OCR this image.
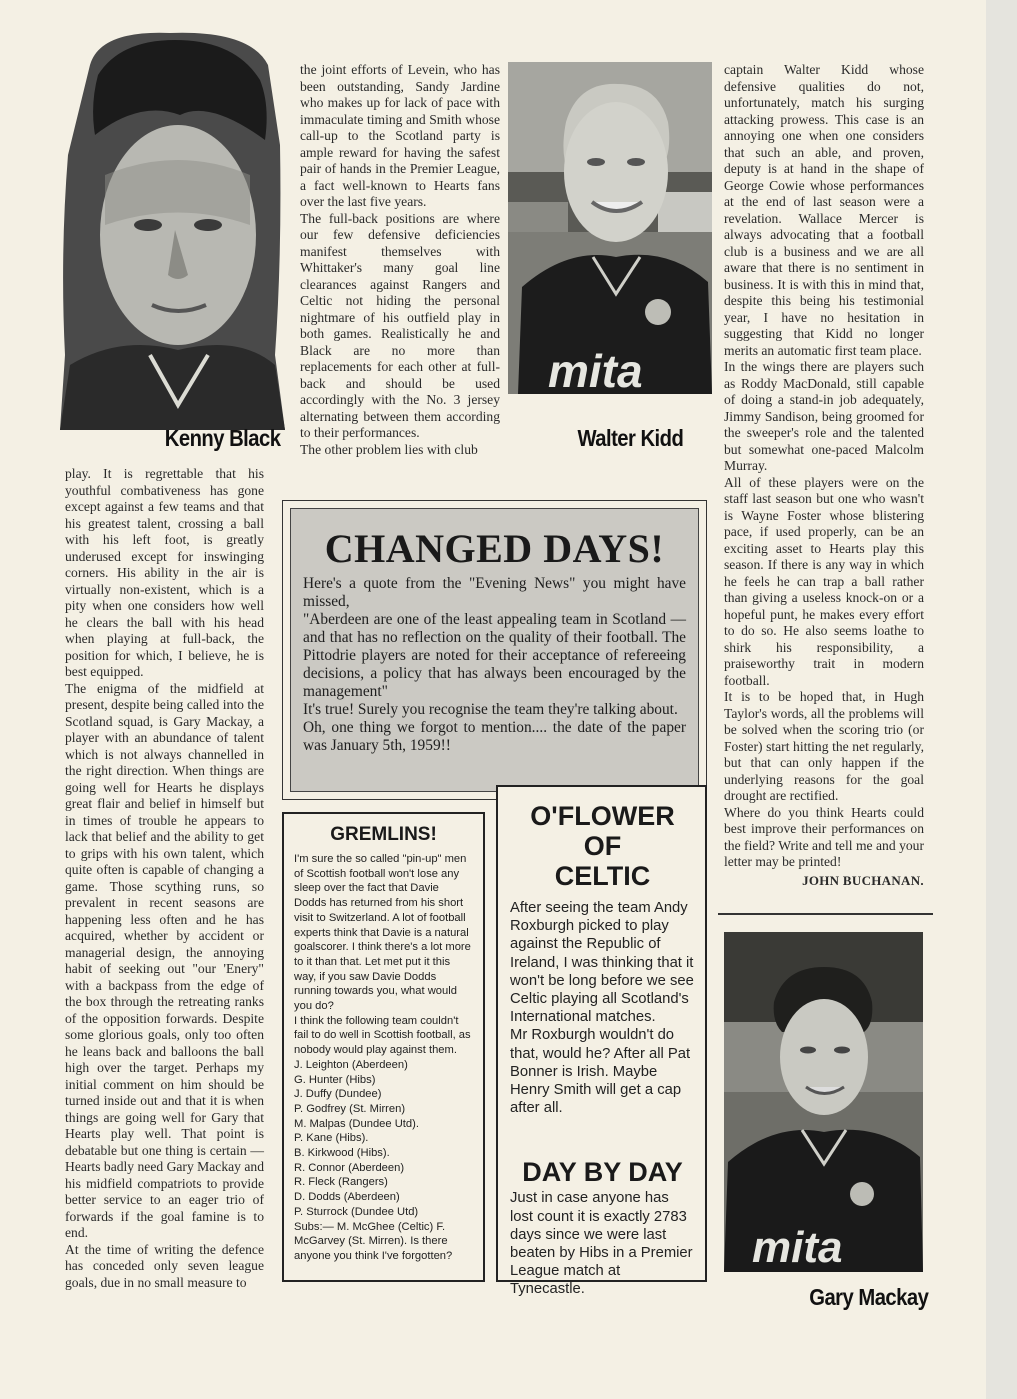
Kenny Black

the joint efforts of Levein, who has been outstanding, Sandy Jardine who makes up for lack of pace with immaculate timing and Smith whose call-up to the Scotland party is ample reward for having the safest pair of hands in the Premier League, a fact well-known to Hearts fans over the last five years.

The full-back positions are where our few defensive deficiencies manifest themselves with Whittaker's many goal line clearances against Rangers and Celtic not hiding the personal nightmare of his outfield play in both games. Realistically he and Black are no more than replacements for each other at full-back and should be used accordingly with the No. 3 jersey alternating between them according to their performances.

The other problem lies with club

mita
Walter Kidd

captain Walter Kidd whose defensive qualities do not, unfortunately, match his surging attacking prowess. This case is an annoying one when one considers that such an able, and proven, deputy is at hand in the shape of George Cowie whose performances at the end of last season were a revelation. Wallace Mercer is always advocating that a football club is a business and we are all aware that there is no sentiment in business. It is with this in mind that, despite this being his testimonial year, I have no hesitation in suggesting that Kidd no longer merits an automatic first team place.

In the wings there are players such as Roddy MacDonald, still capable of doing a stand-in job adequately, Jimmy Sandison, being groomed for the sweeper's role and the talented but somewhat one-paced Malcolm Murray.

All of these players were on the staff last season but one who wasn't is Wayne Foster whose blistering pace, if used properly, can be an exciting asset to Hearts play this season. If there is any way in which he feels he can trap a ball rather than giving a useless knock-on or a hopeful punt, he makes every effort to do so. He also seems loathe to shirk his responsibility, a praiseworthy trait in modern football.

It is to be hoped that, in Hugh Taylor's words, all the problems will be solved when the scoring trio (or Foster) start hitting the net regularly, but that can only happen if the underlying reasons for the goal drought are rectified.

Where do you think Hearts could best improve their performances on the field? Write and tell me and your letter may be printed!

JOHN BUCHANAN.

play. It is regrettable that his youthful combativeness has gone except against a few teams and that his greatest talent, crossing a ball with his left foot, is greatly underused except for inswinging corners. His ability in the air is virtually non-existent, which is a pity when one considers how well he clears the ball with his head when playing at full-back, the position for which, I believe, he is best equipped.

The enigma of the midfield at present, despite being called into the Scotland squad, is Gary Mackay, a player with an abundance of talent which is not always channelled in the right direction. When things are going well for Hearts he displays great flair and belief in himself but in times of trouble he appears to lack that belief and the ability to get to grips with his own talent, which quite often is capable of changing a game. Those scything runs, so prevalent in recent seasons are happening less often and he has acquired, whether by accident or managerial design, the annoying habit of seeking out "our 'Enery" with a backpass from the edge of the box through the retreating ranks of the opposition forwards. Despite some glorious goals, only too often he leans back and balloons the ball high over the target. Perhaps my initial comment on him should be turned inside out and that it is when things are going well for Gary that Hearts play well. That point is debatable but one thing is certain — Hearts badly need Gary Mackay and his midfield compatriots to provide better service to an eager trio of forwards if the goal famine is to end.

At the time of writing the defence has conceded only seven league goals, due in no small measure to

CHANGED DAYS!

Here's a quote from the "Evening News" you might have missed,

"Aberdeen are one of the least appealing team in Scotland — and that has no reflection on the quality of their football. The Pittodrie players are noted for their acceptance of refereeing decisions, a policy that has always been encouraged by the management"

It's true! Surely you recognise the team they're talking about.

Oh, one thing we forgot to mention.... the date of the paper was January 5th, 1959!!

GREMLINS!

I'm sure the so called "pin-up" men of Scottish football won't lose any sleep over the fact that Davie Dodds has returned from his short visit to Switzerland. A lot of football experts think that Davie is a natural goalscorer. I think there's a lot more to it than that. Let met put it this way, if you saw Davie Dodds running towards you, what would you do?

I think the following team couldn't fail to do well in Scottish football, as nobody would play against them.

J. Leighton (Aberdeen)

G. Hunter (Hibs)

J. Duffy (Dundee)

P. Godfrey (St. Mirren)

M. Malpas (Dundee Utd).

P. Kane (Hibs).

B. Kirkwood (Hibs).

R. Connor (Aberdeen)

R. Fleck (Rangers)

D. Dodds (Aberdeen)

P. Sturrock (Dundee Utd)

Subs:— M. McGhee (Celtic) F. McGarvey (St. Mirren). Is there anyone you think I've forgotten?

O'FLOWER OF
CELTIC

After seeing the team Andy Roxburgh picked to play against the Republic of Ireland, I was thinking that it won't be long before we see Celtic playing all Scotland's International matches.

Mr Roxburgh wouldn't do that, would he? After all Pat Bonner is Irish. Maybe Henry Smith will get a cap after all.

DAY BY DAY
Just in case anyone has lost count it is exactly 2783 days since we were last beaten by Hibs in a Premier League match at Tynecastle.
mita
Gary Mackay
